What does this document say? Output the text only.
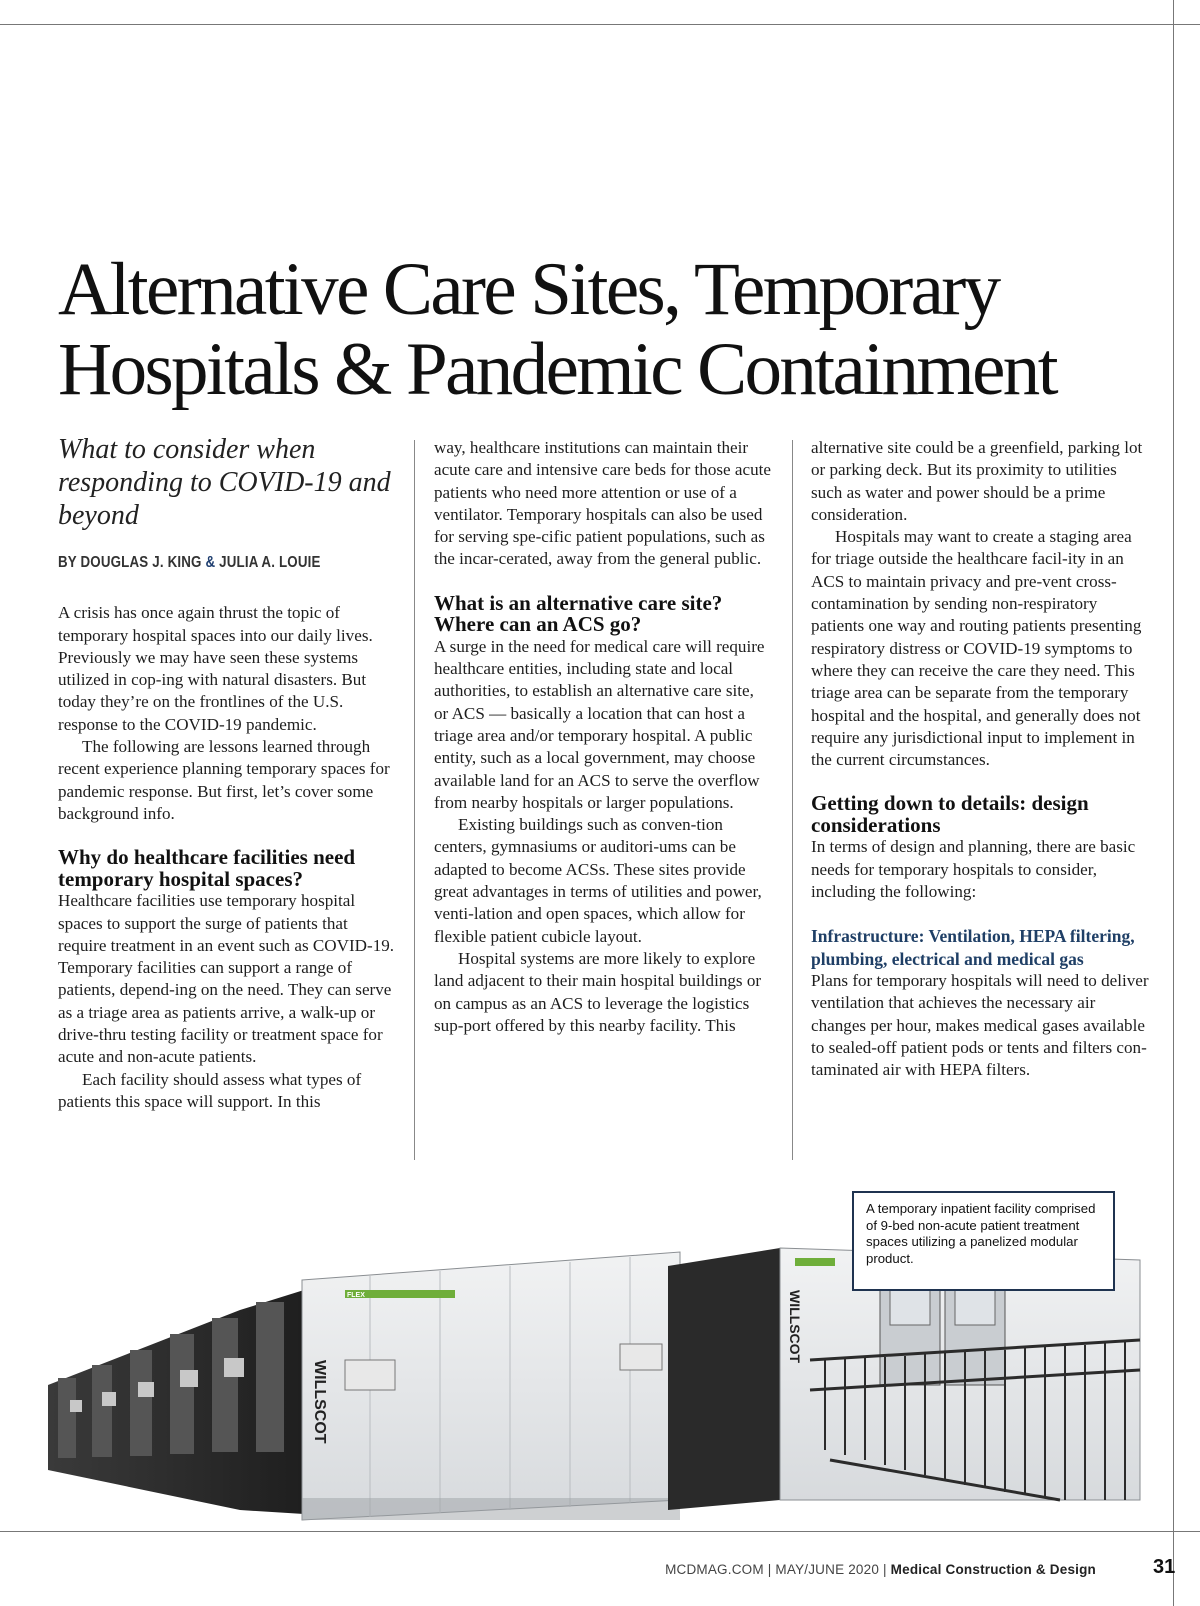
Alternative Care Sites, Temporary
Hospitals & Pandemic Containment

What to consider when responding to COVID-19 and beyond

BY DOUGLAS J. KING & JULIA A. LOUIE

A crisis has once again thrust the topic of temporary hospital spaces into our daily lives. Previously we may have seen these systems utilized in cop-ing with natural disasters. But today they’re on the frontlines of the U.S. response to the COVID-19 pandemic.

The following are lessons learned through recent experience planning temporary spaces for pandemic response. But first, let’s cover some background info.

Why do healthcare facilities need temporary hospital spaces?

Healthcare facilities use temporary hospital spaces to support the surge of patients that require treatment in an event such as COVID-19. Temporary facilities can support a range of patients, depend-ing on the need. They can serve as a triage area as patients arrive, a walk-up or drive-thru testing facility or treatment space for acute and non-acute patients.

Each facility should assess what types of patients this space will support. In this

way, healthcare institutions can maintain their acute care and intensive care beds for those acute patients who need more attention or use of a ventilator. Temporary hospitals can also be used for serving spe-cific patient populations, such as the incar-cerated, away from the general public.

What is an alternative care site? Where can an ACS go?

A surge in the need for medical care will require healthcare entities, including state and local authorities, to establish an alternative care site, or ACS — basically a location that can host a triage area and/or temporary hospital. A public entity, such as a local government, may choose available land for an ACS to serve the overflow from nearby hospitals or larger populations.

Existing buildings such as conven-tion centers, gymnasiums or auditori-ums can be adapted to become ACSs. These sites provide great advantages in terms of utilities and power, venti-lation and open spaces, which allow for flexible patient cubicle layout.

Hospital systems are more likely to explore land adjacent to their main hospital buildings or on campus as an ACS to leverage the logistics sup-port offered by this nearby facility. This

alternative site could be a greenfield, parking lot or parking deck. But its proximity to utilities such as water and power should be a prime consideration.

Hospitals may want to create a staging area for triage outside the healthcare facil-ity in an ACS to maintain privacy and pre-vent cross-contamination by sending non-respiratory patients one way and routing patients presenting respiratory distress or COVID-19 symptoms to where they can receive the care they need. This triage area can be separate from the temporary hospital and the hospital, and generally does not require any jurisdictional input to implement in the current circumstances.

Getting down to details: design considerations

In terms of design and planning, there are basic needs for temporary hospitals to consider, including the following:

Infrastructure: Ventilation, HEPA filtering, plumbing, electrical and medical gas

Plans for temporary hospitals will need to deliver ventilation that achieves the necessary air changes per hour, makes medical gases available to sealed-off patient pods or tents and filters con-taminated air with HEPA filters.

WILLSCOT
FLEX	WILLSCOT
A temporary inpatient facility comprised of 9-bed non-acute patient treatment spaces utilizing a panelized modular product.
MCDMAG.COM | MAY/JUNE 2020 | Medical Construction & Design	31
